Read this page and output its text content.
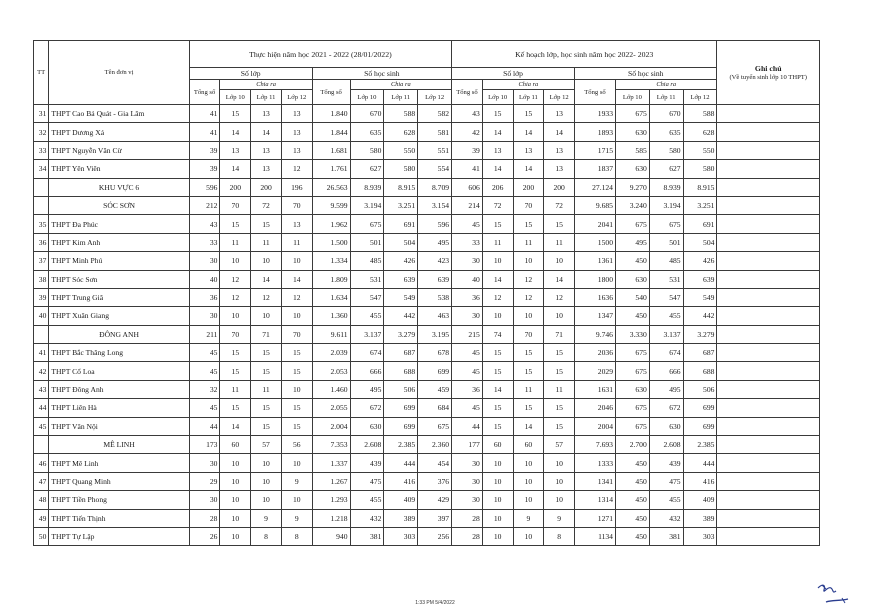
TT	Tên đơn vị	Thực hiện năm học 2021 - 2022 (28/01/2022)								Kế hoạch lớp, học sinh năm học 2022- 2023								Ghi chú
(Về tuyển sinh lớp 10 THPT)

		Số lớp				Số học sinh				Số lớp				Số học sinh				
		Tổng số	Chia ra			Tổng số	Chia ra			Tổng số	Chia ra			Tổng số	Chia ra			
			Lớp 10	Lớp 11	Lớp 12		Lớp 10	Lớp 11	Lớp 12		Lớp 10	Lớp 11	Lớp 12		Lớp 10	Lớp 11	Lớp 12	
31	THPT Cao Bá Quát - Gia Lâm	41	15	13	13	1.840	670	588	582	43	15	15	13	1933	675	670	588	
32	THPT Dương Xá	41	14	14	13	1.844	635	628	581	42	14	14	14	1893	630	635	628	
33	THPT Nguyễn Văn Cừ	39	13	13	13	1.681	580	550	551	39	13	13	13	1715	585	580	550	
34	THPT Yên Viên	39	14	13	12	1.761	627	580	554	41	14	14	13	1837	630	627	580	
	KHU VỰC 6	596	200	200	196	26.563	8.939	8.915	8.709	606	206	200	200	27.124	9.270	8.939	8.915	
	SÓC SƠN	212	70	72	70	9.599	3.194	3.251	3.154	214	72	70	72	9.685	3.240	3.194	3.251	
35	THPT Đa Phúc	43	15	15	13	1.962	675	691	596	45	15	15	15	2041	675	675	691	
36	THPT Kim Anh	33	11	11	11	1.500	501	504	495	33	11	11	11	1500	495	501	504	
37	THPT Minh Phú	30	10	10	10	1.334	485	426	423	30	10	10	10	1361	450	485	426	
38	THPT Sóc Sơn	40	12	14	14	1.809	531	639	639	40	14	12	14	1800	630	531	639	
39	THPT Trung Giã	36	12	12	12	1.634	547	549	538	36	12	12	12	1636	540	547	549	
40	THPT Xuân Giang	30	10	10	10	1.360	455	442	463	30	10	10	10	1347	450	455	442	
	ĐÔNG ANH	211	70	71	70	9.611	3.137	3.279	3.195	215	74	70	71	9.746	3.330	3.137	3.279	
41	THPT Bắc Thăng Long	45	15	15	15	2.039	674	687	678	45	15	15	15	2036	675	674	687	
42	THPT Cổ Loa	45	15	15	15	2.053	666	688	699	45	15	15	15	2029	675	666	688	
43	THPT Đông Anh	32	11	11	10	1.460	495	506	459	36	14	11	11	1631	630	495	506	
44	THPT Liên Hà	45	15	15	15	2.055	672	699	684	45	15	15	15	2046	675	672	699	
45	THPT Vân Nội	44	14	15	15	2.004	630	699	675	44	15	14	15	2004	675	630	699	
	MÊ LINH	173	60	57	56	7.353	2.608	2.385	2.360	177	60	60	57	7.693	2.700	2.608	2.385	
46	THPT Mê Linh	30	10	10	10	1.337	439	444	454	30	10	10	10	1333	450	439	444	
47	THPT Quang Minh	29	10	10	9	1.267	475	416	376	30	10	10	10	1341	450	475	416	
48	THPT Tiền Phong	30	10	10	10	1.293	455	409	429	30	10	10	10	1314	450	455	409	
49	THPT Tiến Thịnh	28	10	9	9	1.218	432	389	397	28	10	9	9	1271	450	432	389	
50	THPT Tự Lập	26	10	8	8	940	381	303	256	28	10	10	8	1134	450	381	303	
1:33 PM 5/4/2022
